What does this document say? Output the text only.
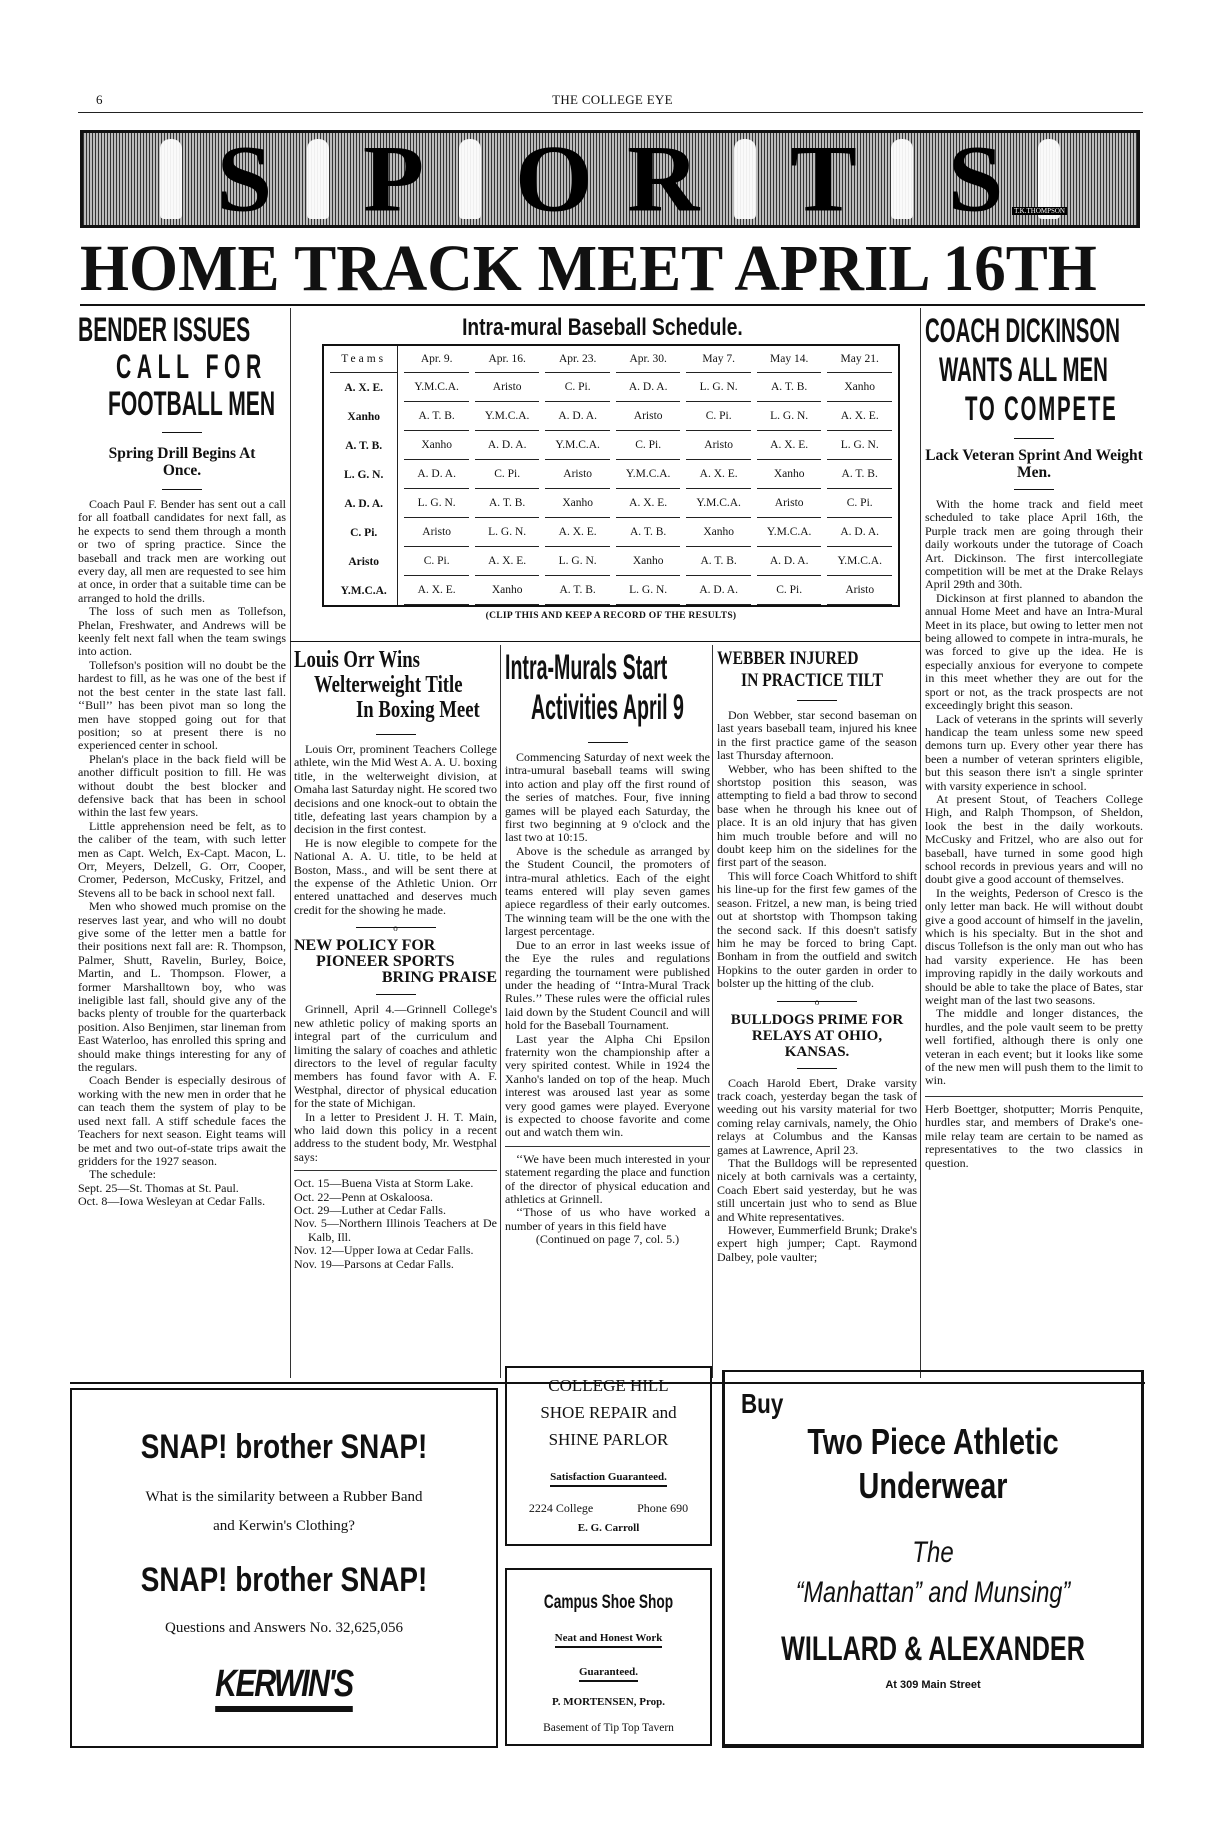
6	THE COLLEGE EYE
S P O R T S T.K.THOMPSON
HOME TRACK MEET APRIL 16TH
BENDER ISSUES
CALL FOR
FOOTBALL MEN
Spring Drill Begins At Once.

Coach Paul F. Bender has sent out a call for all foatball candidates for next fall, as he expects to send them through a month or two of spring practice. Since the baseball and track men are working out every day, all men are requested to see him at once, in order that a suitable time can be arranged to hold the drills.

The loss of such men as Tollefson, Phelan, Freshwater, and Andrews will be keenly felt next fall when the team swings into action.

Tollefson's position will no doubt be the hardest to fill, as he was one of the best if not the best center in the state last fall. ‘‘Bull’’ has been pivot man so long the men have stopped going out for that position; so at present there is no experienced center in school.

Phelan's place in the back field will be another difficult position to fill. He was without doubt the best blocker and defensive back that has been in school within the last few years.

Little apprehension need be felt, as to the caliber of the team, with such letter men as Capt. Welch, Ex-Capt. Macon, L. Orr, Meyers, Delzell, G. Orr, Cooper, Cromer, Pederson, McCusky, Fritzel, and Stevens all to be back in school next fall.

Men who showed much promise on the reserves last year, and who will no doubt give some of the letter men a battle for their positions next fall are: R. Thompson, Palmer, Shutt, Ravelin, Burley, Boice, Martin, and L. Thompson. Flower, a former Marshalltown boy, who was ineligible last fall, should give any of the backs plenty of trouble for the quarterback position. Also Benjimen, star lineman from East Waterloo, has enrolled this spring and should make things interesting for any of the regulars.

Coach Bender is especially desirous of working with the new men in order that he can teach them the system of play to be used next fall. A stiff schedule faces the Teachers for next season. Eight teams will be met and two out-of-state trips await the gridders for the 1927 season.

The schedule:

Sept. 25—St. Thomas at St. Paul.

Oct. 8—Iowa Wesleyan at Cedar Falls.

Intra-mural Baseball Schedule.
Teams	Apr. 9.	Apr. 16.	Apr. 23.	Apr. 30.	May 7.	May 14.	May 21.
A. X. E.	Y.M.C.A.	Aristo	C. Pi.	A. D. A.	L. G. N.	A. T. B.	Xanho
Xanho	A. T. B.	Y.M.C.A.	A. D. A.	Aristo	C. Pi.	L. G. N.	A. X. E.
A. T. B.	Xanho	A. D. A.	Y.M.C.A.	C. Pi.	Aristo	A. X. E.	L. G. N.
L. G. N.	A. D. A.	C. Pi.	Aristo	Y.M.C.A.	A. X. E.	Xanho	A. T. B.
A. D. A.	L. G. N.	A. T. B.	Xanho	A. X. E.	Y.M.C.A.	Aristo	C. Pi.
C. Pi.	Aristo	L. G. N.	A. X. E.	A. T. B.	Xanho	Y.M.C.A.	A. D. A.
Aristo	C. Pi.	A. X. E.	L. G. N.	Xanho	A. T. B.	A. D. A.	Y.M.C.A.
Y.M.C.A.	A. X. E.	Xanho	A. T. B.	L. G. N.	A. D. A.	C. Pi.	Aristo
(CLIP THIS AND KEEP A RECORD OF THE RESULTS)
Louis Orr Wins
Welterweight Title
In Boxing Meet

Louis Orr, prominent Teachers College athlete, win the Mid West A. A. U. boxing title, in the welterweight division, at Omaha last Saturday night. He scored two decisions and one knock-out to obtain the title, defeating last years champion by a decision in the first contest.

He is now elegible to compete for the National A. A. U. title, to be held at Boston, Mass., and will be sent there at the expense of the Athletic Union. Orr entered unattached and deserves much credit for the showing he made.

o
NEW POLICY FOR
PIONEER SPORTS
BRING PRAISE

Grinnell, April 4.—Grinnell College's new athletic policy of making sports an integral part of the curriculum and limiting the salary of coaches and athletic directors to the level of regular faculty members has found favor with A. F. Westphal, director of physical education for the state of Michigan.

In a letter to President J. H. T. Main, who laid down this policy in a recent address to the student body, Mr. Westphal says:

Oct. 15—Buena Vista at Storm Lake.

Oct. 22—Penn at Oskaloosa.

Oct. 29—Luther at Cedar Falls.

Nov. 5—Northern Illinois Teachers at De Kalb, Ill.

Nov. 12—Upper Iowa at Cedar Falls.

Nov. 19—Parsons at Cedar Falls.

Intra-Murals Start
Activities April 9

Commencing Saturday of next week the intra-umural baseball teams will swing into action and play off the first round of the series of matches. Four, five inning games will be played each Saturday, the first two beginning at 9 o'clock and the last two at 10:15.

Above is the schedule as arranged by the Student Council, the promoters of intra-mural athletics. Each of the eight teams entered will play seven games apiece regardless of their early outcomes. The winning team will be the one with the largest percentage.

Due to an error in last weeks issue of the Eye the rules and regulations regarding the tournament were published under the heading of ‘‘Intra-Mural Track Rules.’’ These rules were the official rules laid down by the Student Council and will hold for the Baseball Tournament.

Last year the Alpha Chi Epsilon fraternity won the championship after a very spirited contest. While in 1924 the Xanho's landed on top of the heap. Much interest was aroused last year as some very good games were played. Everyone is expected to choose favorite and come out and watch them win.

‘‘We have been much interested in your statement regarding the place and function of the director of physical education and athletics at Grinnell.

‘‘Those of us who have worked a number of years in this field have

(Continued on page 7, col. 5.)
WEBBER INJURED
IN PRACTICE TILT

Don Webber, star second baseman on last years baseball team, injured his knee in the first practice game of the season last Thursday afternoon.

Webber, who has been shifted to the shortstop position this season, was attempting to field a bad throw to second base when he through his knee out of place. It is an old injury that has given him much trouble before and will no doubt keep him on the sidelines for the first part of the season.

This will force Coach Whitford to shift his line-up for the first few games of the season. Fritzel, a new man, is being tried out at shortstop with Thompson taking the second sack. If this doesn't satisfy him he may be forced to bring Capt. Bonham in from the outfield and switch Hopkins to the outer garden in order to bolster up the hitting of the club.

o
BULLDOGS PRIME FOR
RELAYS AT OHIO,
KANSAS.

Coach Harold Ebert, Drake varsity track coach, yesterday began the task of weeding out his varsity material for two coming relay carnivals, namely, the Ohio relays at Columbus and the Kansas games at Lawrence, April 23.

That the Bulldogs will be represented nicely at both carnivals was a certainty, Coach Ebert said yesterday, but he was still uncertain just who to send as Blue and White representatives.

However, Eummerfield Brunk; Drake's expert high jumper; Capt. Raymond Dalbey, pole vaulter;

COACH DICKINSON
WANTS ALL MEN
TO COMPETE
Lack Veteran Sprint And Weight Men.

With the home track and field meet scheduled to take place April 16th, the Purple track men are going through their daily workouts under the tutorage of Coach Art. Dickinson. The first intercollegiate competition will be met at the Drake Relays April 29th and 30th.

Dickinson at first planned to abandon the annual Home Meet and have an Intra-Mural Meet in its place, but owing to letter men not being allowed to compete in intra-murals, he was forced to give up the idea. He is especially anxious for everyone to compete in this meet whether they are out for the sport or not, as the track prospects are not exceedingly bright this season.

Lack of veterans in the sprints will severly handicap the team unless some new speed demons turn up. Every other year there has been a number of veteran sprinters eligible, but this season there isn't a single sprinter with varsity experience in school.

At present Stout, of Teachers College High, and Ralph Thompson, of Sheldon, look the best in the daily workouts. McCusky and Fritzel, who are also out for baseball, have turned in some good high school records in previous years and will no doubt give a good account of themselves.

In the weights, Pederson of Cresco is the only letter man back. He will without doubt give a good account of himself in the javelin, which is his specialty. But in the shot and discus Tollefson is the only man out who has had varsity experience. He has been improving rapidly in the daily workouts and should be able to take the place of Bates, star weight man of the last two seasons.

The middle and longer distances, the hurdles, and the pole vault seem to be pretty well fortified, although there is only one veteran in each event; but it looks like some of the new men will push them to the limit to win.

Herb Boettger, shotputter; Morris Penquite, hurdles star, and members of Drake's one-mile relay team are certain to be named as representatives to the two classics in question.

SNAP! brother SNAP!
What is the similarity between a Rubber Band
and Kerwin's Clothing?
SNAP! brother SNAP!
Questions and Answers No. 32,625,056
KERWIN'S
COLLEGE HILL
SHOE REPAIR and
SHINE PARLOR
Satisfaction Guaranteed.
2224 College	Phone 690
E. G. Carroll
Campus Shoe Shop
Neat and Honest Work
Guaranteed.
P. MORTENSEN, Prop.
Basement of Tip Top Tavern
Buy
Two Piece Athletic
Underwear
The
“Manhattan” and Munsing”
WILLARD & ALEXANDER
At 309 Main Street
